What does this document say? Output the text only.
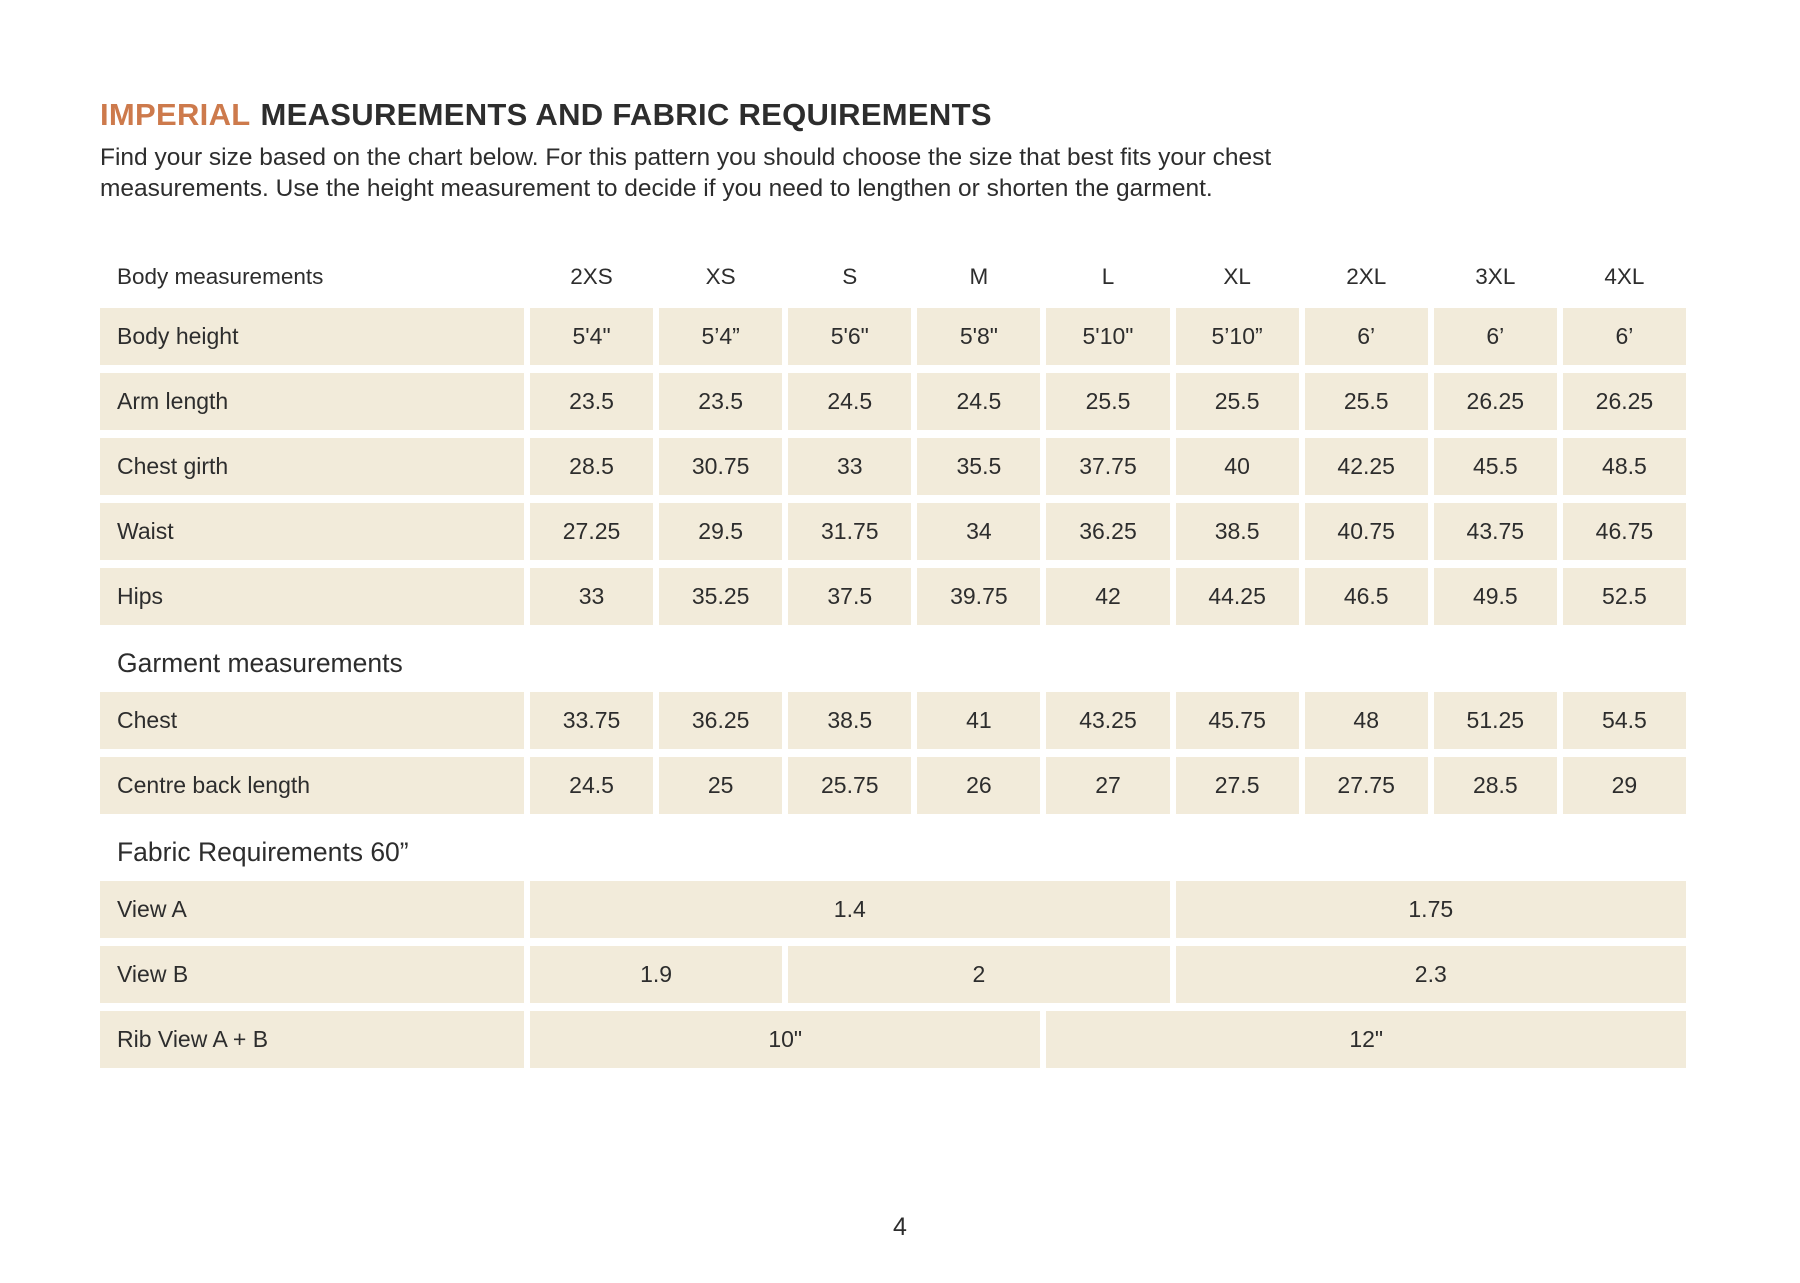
IMPERIAL MEASUREMENTS AND FABRIC REQUIREMENTS

Find your size based on the chart below. For this pattern you should choose the size that best fits your chest measurements. Use the height measurement to decide if you need to lengthen or shorten the garment.

Body measurements	2XS	XS	S	M	L	XL	2XL	3XL	4XL
Body height	5'4"	5’4”	5'6"	5'8"	5'10"	5’10”	6’	6’	6’
Arm length	23.5	23.5	24.5	24.5	25.5	25.5	25.5	26.25	26.25
Chest girth	28.5	30.75	33	35.5	37.75	40	42.25	45.5	48.5
Waist	27.25	29.5	31.75	34	36.25	38.5	40.75	43.75	46.75
Hips	33	35.25	37.5	39.75	42	44.25	46.5	49.5	52.5
Garment measurements
Chest	33.75	36.25	38.5	41	43.25	45.75	48	51.25	54.5
Centre back length	24.5	25	25.75	26	27	27.5	27.75	28.5	29
Fabric Requirements 60”
View A	1.4	1.75
View B	1.9	2	2.3
Rib View A + B	10"	12"
4
